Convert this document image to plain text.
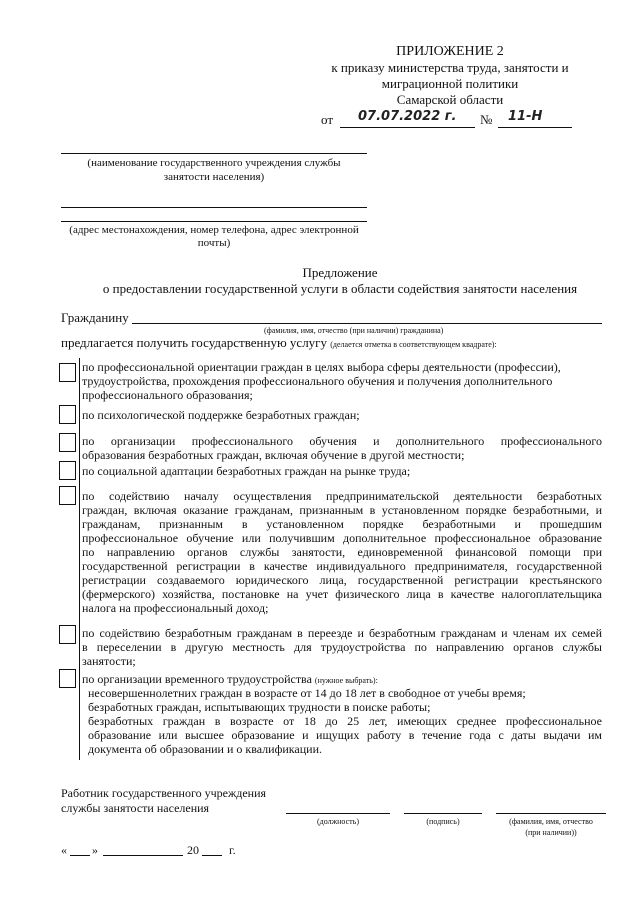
ПРИЛОЖЕНИЕ 2
к приказу министерства труда, занятости и
миграционной политики
Самарской области
от 07.07.2022 г. № 11-Н
(наименование государственного учреждения службы
занятости населения)
(адрес местонахождения, номер телефона, адрес электронной
почты)
Предложение
о предоставлении государственной услуги в области содействия занятости населения
Гражданину
(фамилия, имя, отчество (при наличии) гражданина)
предлагается получить государственную услугу (делается отметка в соответствующем квадрате):
по профессиональной ориентации граждан в целях выбора сферы деятельности (профессии),
трудоустройства, прохождения профессионального обучения и получения дополнительного
профессионального образования;
по психологической поддержке безработных граждан;
по организации профессионального обучения и дополнительного профессионального
образования безработных граждан, включая обучение в другой местности;
по социальной адаптации безработных граждан на рынке труда;
по содействию началу осуществления предпринимательской деятельности безработных
граждан, включая оказание гражданам, признанным в установленном порядке безработными, и
гражданам, признанным в установленном порядке безработными и прошедшим
профессиональное обучение или получившим дополнительное профессиональное образование
по направлению органов службы занятости, единовременной финансовой помощи при
государственной регистрации в качестве индивидуального предпринимателя, государственной
регистрации создаваемого юридического лица, государственной регистрации крестьянского
(фермерского) хозяйства, постановке на учет физического лица в качестве налогоплательщика
налога на профессиональный доход;
по содействию безработным гражданам в переезде и безработным гражданам и членам их семей
в переселении в другую местность для трудоустройства по направлению органов службы
занятости;
по организации временного трудоустройства (нужное выбрать):
несовершеннолетних граждан в возрасте от 14 до 18 лет в свободное от учебы время;
безработных граждан, испытывающих трудности в поиске работы;
безработных граждан в возрасте от 18 до 25 лет, имеющих среднее профессиональное
образование или высшее образование и ищущих работу в течение года с даты выдачи им
документа об образовании и о квалификации.
Работник государственного учреждения
службы занятости населения
(должность)	(подпись)	(фамилия, имя, отчество
(при наличии))
« »	20	г.
